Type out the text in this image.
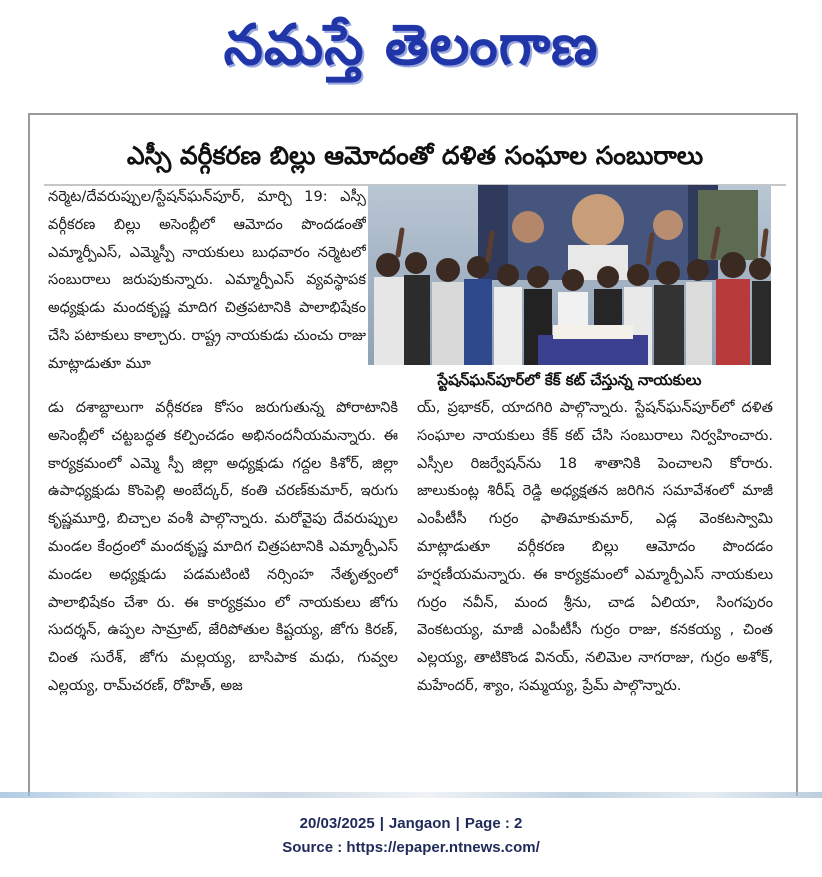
నమస్తే తెలంగాణ
ఎస్సీ వర్గీకరణ బిల్లు ఆమోదంతో దళిత సంఘాల సంబురాలు
నర్మెట/దేవరుప్పుల/స్టేషన్‌ఘన్‌పూర్, మార్చి 19: ఎస్సీ వర్గీకరణ బిల్లు అసెంబ్లీలో ఆమోదం పొందడంతో ఎమ్మార్పీఎస్, ఎమ్మెస్పీ నాయకులు బుధవారం నర్మెటలో సంబురాలు జరుపుకున్నారు. ఎమ్మార్పీఎస్ వ్యవస్థాపక అధ్యక్షుడు మందకృష్ణ మాదిగ చిత్రపటానికి పాలాభిషేకం చేసి పటాకులు కాల్చారు. రాష్ట్ర నాయకుడు చుంచు రాజు మాట్లాడుతూ మూ
స్టేషన్‌ఘన్‌పూర్‌లో కేక్ కట్ చేస్తున్న నాయకులు
డు దశాబ్దాలుగా వర్గీకరణ కోసం జరుగుతున్న పోరాటానికి అసెంబ్లీలో చట్టబద్ధత కల్పించడం అభినందనీయమన్నారు. ఈ కార్యక్రమంలో ఎమ్మె స్పీ జిల్లా అధ్యక్షుడు గద్దల కిశోర్, జిల్లా ఉపాధ్యక్షుడు కొంపెల్లి అంబేద్కర్, కంతి చరణ్‌కుమార్, ఇరుగు కృష్ణమూర్తి, బిచ్చాల వంశీ పాల్గొన్నారు. మరోవైపు దేవరుప్పుల మండల కేంద్రంలో మందకృష్ణ మాదిగ చిత్రపటానికి ఎమ్మార్పీఎస్ మండల అధ్యక్షుడు పడమటింటి నర్సింహ నేతృత్వంలో పాలాభిషేకం చేశా రు. ఈ కార్యక్రమం లో నాయకులు జోగు సుదర్శన్, ఉప్పల సామ్రాట్, జేరిపోతుల కిష్టయ్య, జోగు కిరణ్, చింత సురేశ్, జోగు మల్లయ్య, బాసిపాక మధు, గువ్వల ఎల్లయ్య, రామ్‌చరణ్, రోహిత్, అజ
య్, ప్రభాకర్, యాదగిరి పాల్గొన్నారు. స్టేషన్‌ఘన్‌పూర్‌లో దళిత సంఘాల నాయకులు కేక్ కట్ చేసి సంబురాలు నిర్వహించారు. ఎస్సీల రిజర్వేషన్‌ను 18 శాతానికి పెంచాలని కోరారు. జాలుకుంట్ల శిరీష్ రెడ్డి అధ్యక్షతన జరిగిన సమావేశంలో మాజీ ఎంపీటీసీ గుర్రం ఫాతిమాకుమార్, ఎడ్ల వెంకటస్వామి మాట్లాడుతూ వర్గీకరణ బిల్లు ఆమోదం పొందడం హర్షణీయమన్నారు. ఈ కార్యక్రమంలో ఎమ్మార్పీఎస్ నాయకులు గుర్రం నవీన్, మంద శ్రీను, చాడ ఏలియా, సింగపురం వెంకటయ్య, మాజీ ఎంపీటీసీ గుర్రం రాజు, కనకయ్య , చింత ఎల్లయ్య, తాటికొండ వినయ్, నలిమెల నాగరాజు, గుర్రం అశోక్, మహేందర్, శ్యాం, సమ్మయ్య, ప్రేమ్ పాల్గొన్నారు.
20/03/2025 | Jangaon | Page : 2
Source : https://epaper.ntnews.com/
